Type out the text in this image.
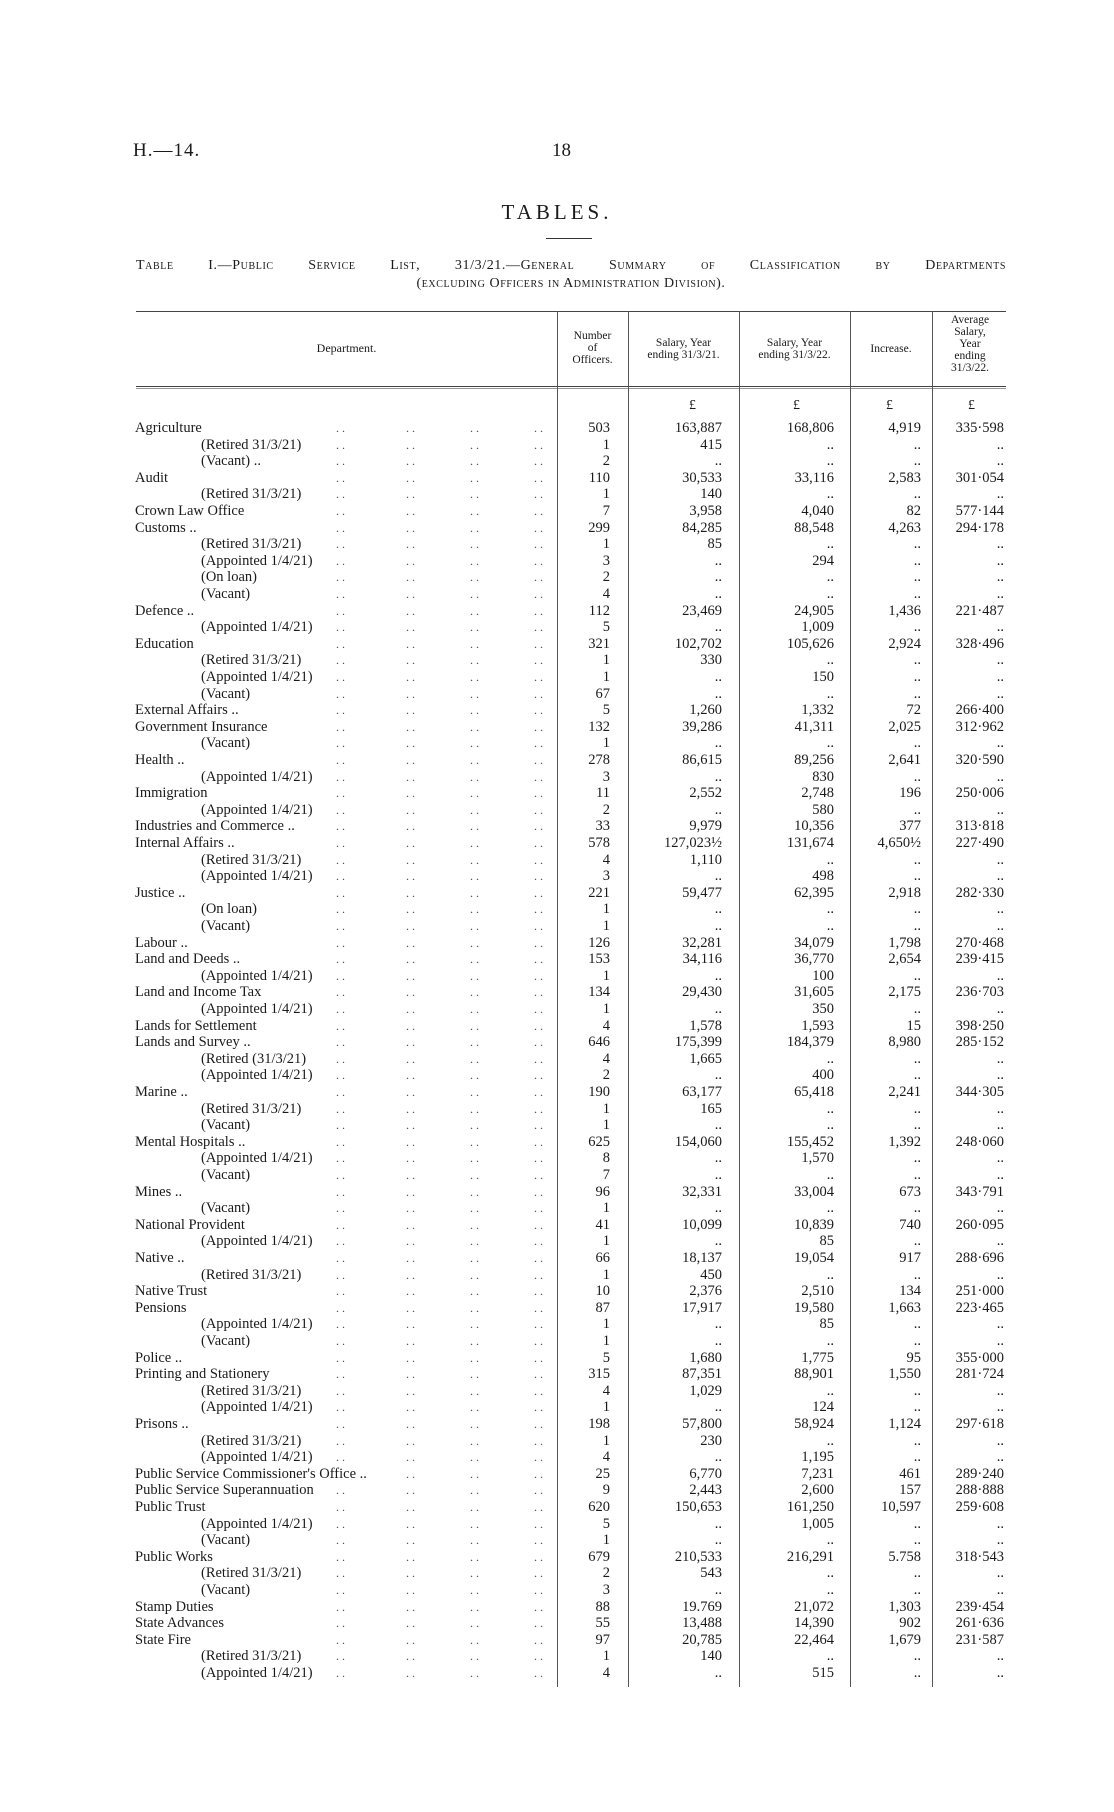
H.—14.	18
TABLES.
Table I.—Public Service List, 31/3/21.—General Summary of Classification by Departments
(excluding Officers in Administration Division).
Department.
Number
of
Officers.
Salary, Year
ending 31/3/21.
Salary, Year
ending 31/3/22.	Increase.
Average
Salary,
Year
ending
31/3/22.
£	£	£	£
Agriculture	. .	. .	. .	. .	503	163,887	168,806	4,919 335·598
(Retired 31/3/21)	. .	. .	. .	. .	1	415	..	..	..
(Vacant) ..	. .	. .	. .	. .	2	..	..	..	..
Audit	. .	. .	. .	. .	110	30,533	33,116	2,583 301·054
(Retired 31/3/21)	. .	. .	. .	. .	1	140	..	..	..
Crown Law Office	. .	. .	. .	. .	7	3,958	4,040	82 577·144
Customs ..	. .	. .	. .	. .	299	84,285	88,548	4,263 294·178
(Retired 31/3/21)	. .	. .	. .	. .	1	85	..	..	..
(Appointed 1/4/21) . .	. .	. .	. .	3	..	294	..	..
(On loan)	. .	. .	. .	. .	2	..	..	..	..
(Vacant)	. .	. .	. .	. .	4	..	..	..	..
Defence ..	. .	. .	. .	. .	112	23,469	24,905	1,436 221·487
(Appointed 1/4/21) . .	. .	. .	. .	5	..	1,009	..	..
Education	. .	. .	. .	. .	321	102,702	105,626	2,924 328·496
(Retired 31/3/21)	. .	. .	. .	. .	1	330	..	..	..
(Appointed 1/4/21) . .	. .	. .	. .	1	..	150	..	..
(Vacant)	. .	. .	. .	. .	67	..	..	..	..
External Affairs ..	. .	. .	. .	. .	5	1,260	1,332	72 266·400
Government Insurance	. .	. .	. .	. .	132	39,286	41,311	2,025 312·962
(Vacant)	. .	. .	. .	. .	1	..	..	..	..
Health ..	. .	. .	. .	. .	278	86,615	89,256	2,641 320·590
(Appointed 1/4/21) . .	. .	. .	. .	3	..	830	..	..
Immigration	. .	. .	. .	. .	11	2,552	2,748	196 250·006
(Appointed 1/4/21) . .	. .	. .	. .	2	..	580	..	..
Industries and Commerce ..	. .	. .	. .	. .	33	9,979	10,356	377 313·818
Internal Affairs ..	. .	. .	. .	. .	578	127,023½	131,674	4,650½ 227·490
(Retired 31/3/21)	. .	. .	. .	. .	4	1,110	..	..	..
(Appointed 1/4/21) . .	. .	. .	. .	3	..	498	..	..
Justice ..	. .	. .	. .	. .	221	59,477	62,395	2,918 282·330
(On loan)	. .	. .	. .	. .	1	..	..	..	..
(Vacant)	. .	. .	. .	. .	1	..	..	..	..
Labour ..	. .	. .	. .	. .	126	32,281	34,079	1,798 270·468
Land and Deeds ..	. .	. .	. .	. .	153	34,116	36,770	2,654 239·415
(Appointed 1/4/21) . .	. .	. .	. .	1	..	100	..	..
Land and Income Tax	. .	. .	. .	. .	134	29,430	31,605	2,175 236·703
(Appointed 1/4/21) . .	. .	. .	. .	1	..	350	..	..
Lands for Settlement	. .	. .	. .	. .	4	1,578	1,593	15 398·250
Lands and Survey ..	. .	. .	. .	. .	646	175,399	184,379	8,980 285·152
(Retired (31/3/21) . .	. .	. .	. .	4	1,665	..	..	..
(Appointed 1/4/21) . .	. .	. .	. .	2	..	400	..	..
Marine ..	. .	. .	. .	. .	190	63,177	65,418	2,241 344·305
(Retired 31/3/21)	. .	. .	. .	. .	1	165	..	..	..
(Vacant)	. .	. .	. .	. .	1	..	..	..	..
Mental Hospitals ..	. .	. .	. .	. .	625	154,060	155,452	1,392 248·060
(Appointed 1/4/21) . .	. .	. .	. .	8	..	1,570	..	..
(Vacant)	. .	. .	. .	. .	7	..	..	..	..
Mines ..	. .	. .	. .	. .	96	32,331	33,004	673 343·791
(Vacant)	. .	. .	. .	. .	1	..	..	..	..
National Provident	. .	. .	. .	. .	41	10,099	10,839	740 260·095
(Appointed 1/4/21) . .	. .	. .	. .	1	..	85	..	..
Native ..	. .	. .	. .	. .	66	18,137	19,054	917 288·696
(Retired 31/3/21)	. .	. .	. .	. .	1	450	..	..	..
Native Trust	. .	. .	. .	. .	10	2,376	2,510	134 251·000
Pensions	. .	. .	. .	. .	87	17,917	19,580	1,663 223·465
(Appointed 1/4/21) . .	. .	. .	. .	1	..	85	..	..
(Vacant)	. .	. .	. .	. .	1	..	..	..	..
Police ..	. .	. .	. .	. .	5	1,680	1,775	95 355·000
Printing and Stationery	. .	. .	. .	. .	315	87,351	88,901	1,550 281·724
(Retired 31/3/21)	. .	. .	. .	. .	4	1,029	..	..	..
(Appointed 1/4/21) . .	. .	. .	. .	1	..	124	..	..
Prisons ..	. .	. .	. .	. .	198	57,800	58,924	1,124 297·618
(Retired 31/3/21)	. .	. .	. .	. .	1	230	..	..	..
(Appointed 1/4/21) . .	. .	. .	. .	4	..	1,195	..	..
Public Service Commissioner's Office ..	. .	. .	. .	25	6,770	7,231	461 289·240
Public Service Superannuation . .	. .	. .	. .	9	2,443	2,600	157 288·888
Public Trust	. .	. .	. .	. .	620	150,653	161,250	10,597 259·608
(Appointed 1/4/21) . .	. .	. .	. .	5	..	1,005	..	..
(Vacant)	. .	. .	. .	. .	1	..	..	..	..
Public Works	. .	. .	. .	. .	679	210,533	216,291	5.758 318·543
(Retired 31/3/21)	. .	. .	. .	. .	2	543	..	..	..
(Vacant)	. .	. .	. .	. .	3	..	..	..	..
Stamp Duties	. .	. .	. .	. .	88	19.769	21,072	1,303 239·454
State Advances	. .	. .	. .	. .	55	13,488	14,390	902 261·636
State Fire	. .	. .	. .	. .	97	20,785	22,464	1,679 231·587
(Retired 31/3/21)	. .	. .	. .	. .	1	140	..	..	..
(Appointed 1/4/21) . .	. .	. .	. .	4	..	515	..	..
